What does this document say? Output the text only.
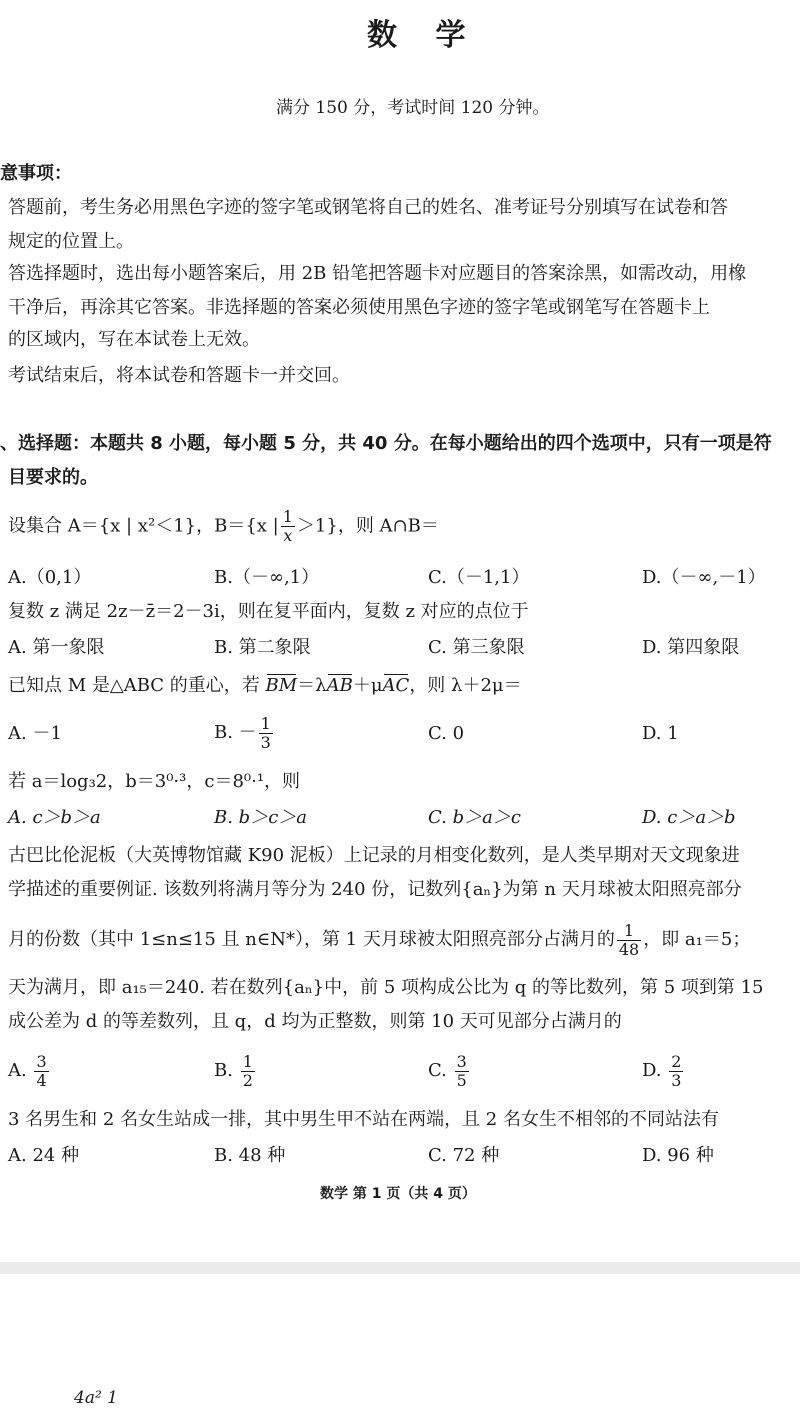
数 学
满分 150 分，考试时间 120 分钟。
意事项：
答题前，考生务必用黑色字迹的签字笔或钢笔将自己的姓名、准考证号分别填写在试卷和答
规定的位置上。
答选择题时，选出每小题答案后，用 2B 铅笔把答题卡对应题目的答案涂黑，如需改动，用橡
干净后，再涂其它答案。非选择题的答案必须使用黑色字迹的签字笔或钢笔写在答题卡上
的区域内，写在本试卷上无效。
考试结束后，将本试卷和答题卡一并交回。
、选择题：本题共 8 小题，每小题 5 分，共 40 分。在每小题给出的四个选项中，只有一项是符
目要求的。
设集合 A＝{x | x²＜1}，B＝{x | $\frac{1}{x} >1$}，则 A∩B＝
A.（0,1）	B.（－∞,1）	C.（－1,1）	D.（－∞,－1）
复数 z 满足 2z－z̄＝2－3i，则在复平面内，复数 z 对应的点位于
A. 第一象限	B. 第二象限	C. 第三象限	D. 第四象限
已知点 M 是△ABC 的重心，若 BM＝λAB＋μAC，则 λ＋2μ＝
A. －1	B. － $\frac{1}{3}$	C. 0	D. 1
若 a＝log₃2，b＝3⁰·³，c＝8⁰·¹，则
A. c＞b＞a	B. b＞c＞a	C. b＞a＞c	D. c＞a＞b
古巴比伦泥板（大英博物馆藏 K90 泥板）上记录的月相变化数列，是人类早期对天文现象进
学描述的重要例证. 该数列将满月等分为 240 份，记数列{aₙ}为第 n 天月球被太阳照亮部分
月的份数（其中 1≤n≤15 且 n∈N*），第 1 天月球被太阳照亮部分占满月的 $\frac{1}{48}$ ，即 a₁＝5；
天为满月，即 a₁₅＝240. 若在数列{aₙ}中，前 5 项构成公比为 q 的等比数列，第 5 项到第 15
成公差为 d 的等差数列，且 q，d 均为正整数，则第 10 天可见部分占满月的
A. $\frac{3}{4}$	B. $\frac{1}{2}$	C. $\frac{3}{5}$	D. $\frac{2}{3}$
3 名男生和 2 名女生站成一排，其中男生甲不站在两端，且 2 名女生不相邻的不同站法有
A. 24 种	B. 48 种	C. 72 种	D. 96 种
数学 第 1 页（共 4 页）
4a² 1
